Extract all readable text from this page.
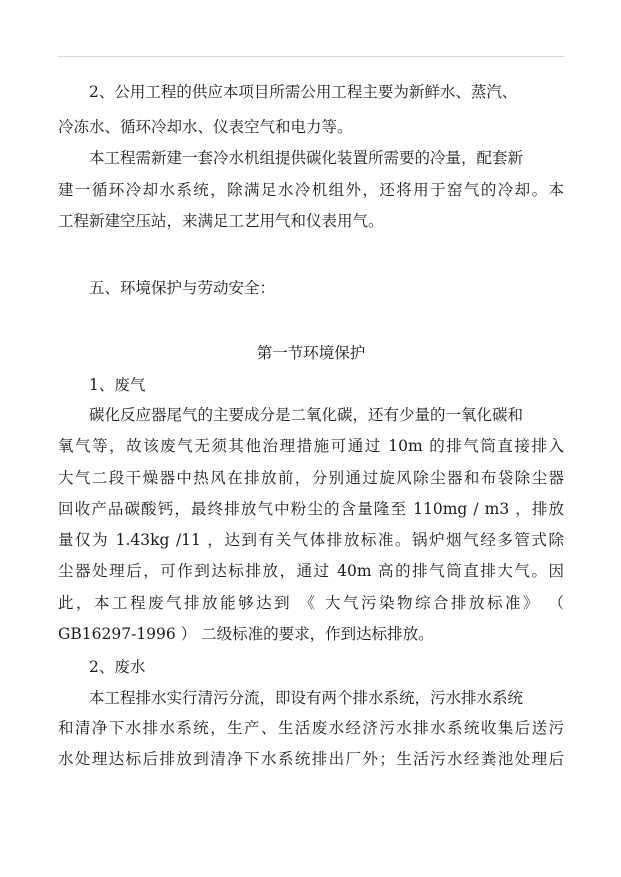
2、公用工程的供应本项目所需公用工程主要为新鲜水、蒸汽、
冷冻水、循环冷却水、仪表空气和电力等。
本工程需新建一套冷水机组提供碳化装置所需要的冷量，配套新
建一循环冷却水系统，除满足水冷机组外，还将用于窑气的冷却。本
工程新建空压站，来满足工艺用气和仪表用气。
五、环境保护与劳动安全：
第一节环境保护
1、废气
碳化反应器尾气的主要成分是二氧化碳，还有少量的一氧化碳和
氧气等，故该废气无须其他治理措施可通过 10m 的排气筒直接排入
大气二段干燥器中热风在排放前，分别通过旋风除尘器和布袋除尘器
回收产品碳酸钙，最终排放气中粉尘的含量隆至 110mg / m3 ，排放
量仅为 1.43kg /11 ，达到有关气体排放标准。锅炉烟气经多管式除
尘器处理后，可作到达标排放，通过 40m 高的排气筒直排大气。因
此，本工程废气排放能够达到 《 大气污染物综合排放标准》 （
GB16297-1996 ） 二级标准的要求，作到达标排放。
2、废水
本工程排水实行清污分流，即设有两个排水系统，污水排水系统
和清净下水排水系统，生产、生活废水经济污水排水系统收集后送污
水处理达标后排放到清净下水系统排出厂外；生活污水经粪池处理后
